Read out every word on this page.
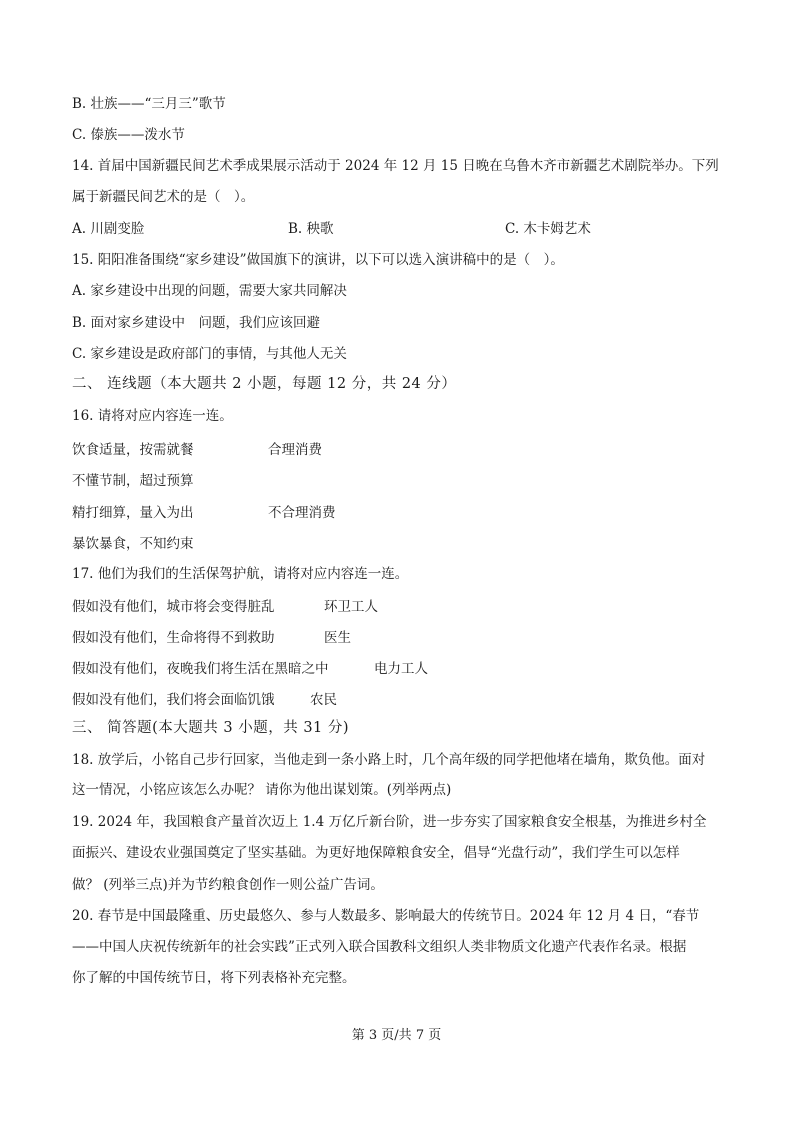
B. 壮族——“三月三”歌节
C. 傣族——泼水节
14. 首届中国新疆民间艺术季成果展示活动于 2024 年 12 月 15 日晚在乌鲁木齐市新疆艺术剧院举办。下列
属于新疆民间艺术的是（　）。
A. 川剧变脸	B. 秧歌	C. 木卡姆艺术
15. 阳阳准备围绕“家乡建设”做国旗下的演讲，以下可以选入演讲稿中的是（　）。
A. 家乡建设中出现的问题，需要大家共同解决
B. 面对家乡建设中　问题，我们应该回避
C. 家乡建设是政府部门的事情，与其他人无关
二、 连线题（本大题共 2 小题，每题 12 分，共 24 分）
16. 请将对应内容连一连。
饮食适量，按需就餐	合理消费
不懂节制，超过预算
精打细算，量入为出	不合理消费
暴饮暴食，不知约束
17. 他们为我们的生活保驾护航，请将对应内容连一连。
假如没有他们，城市将会变得脏乱	环卫工人
假如没有他们，生命将得不到救助	医生
假如没有他们，夜晚我们将生活在黑暗之中	电力工人
假如没有他们，我们将会面临饥饿	农民
三、 简答题(本大题共 3 小题，共 31 分)
18. 放学后，小铭自己步行回家，当他走到一条小路上时，几个高年级的同学把他堵在墙角，欺负他。面对
这一情况，小铭应该怎么办呢？ 请你为他出谋划策。(列举两点)
19. 2024 年，我国粮食产量首次迈上 1.4 万亿斤新台阶，进一步夯实了国家粮食安全根基，为推进乡村全
面振兴、建设农业强国奠定了坚实基础。为更好地保障粮食安全，倡导“光盘行动”，我们学生可以怎样
做？ (列举三点)并为节约粮食创作一则公益广告词。
20. 春节是中国最隆重、历史最悠久、参与人数最多、影响最大的传统节日。2024 年 12 月 4 日，“春节
——中国人庆祝传统新年的社会实践”正式列入联合国教科文组织人类非物质文化遗产代表作名录。根据
你了解的中国传统节日，将下列表格补充完整。
第 3 页/共 7 页
